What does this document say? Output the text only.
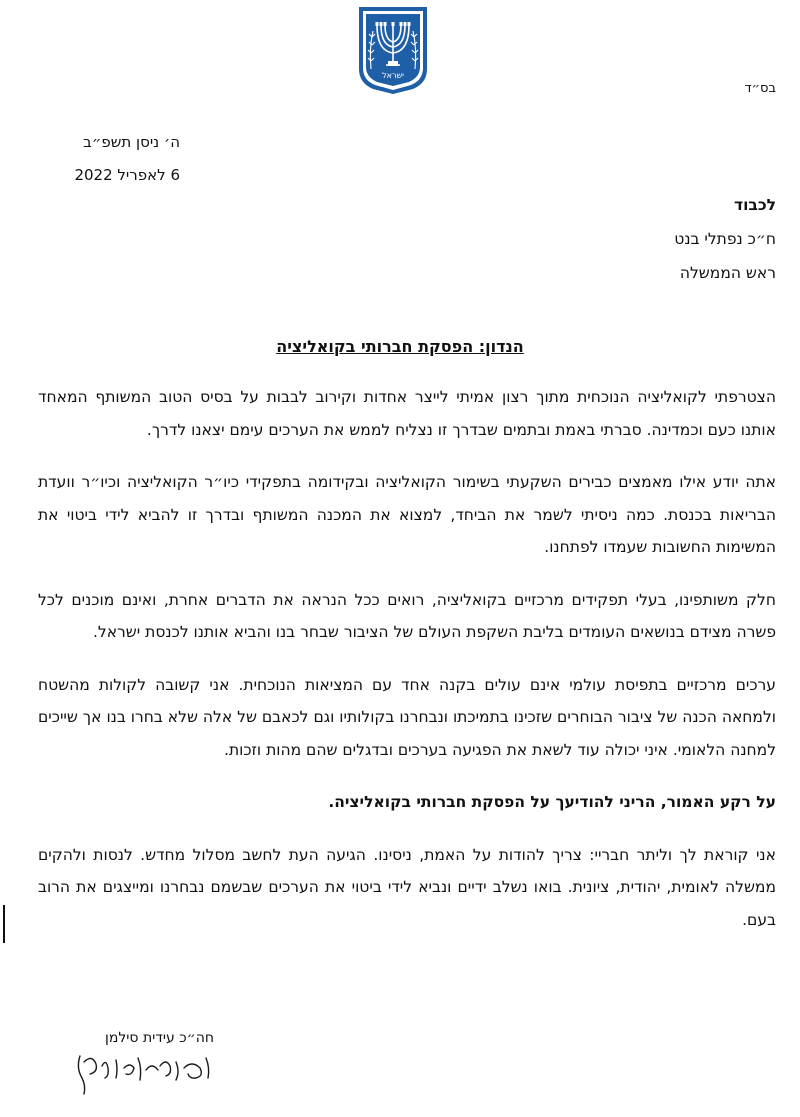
ישראל
בס״ד
ה׳ ניסן תשפ״ב
6 לאפריל 2022
לכבוד
ח״כ נפתלי בנט
ראש הממשלה
הנדון: הפסקת חברותי בקואליציה

הצטרפתי לקואליציה הנוכחית מתוך רצון אמיתי לייצר אחדות וקירוב לבבות על בסיס הטוב המשותף המאחד אותנו כעם וכמדינה. סברתי באמת ובתמים שבדרך זו נצליח לממש את הערכים עימם יצאנו לדרך.

אתה יודע אילו מאמצים כבירים השקעתי בשימור הקואליציה ובקידומה בתפקידי כיו״ר הקואליציה וכיו״ר וועדת הבריאות בכנסת. כמה ניסיתי לשמר את הביחד, למצוא את המכנה המשותף ובדרך זו להביא לידי ביטוי את המשימות החשובות שעמדו לפתחנו.

חלק משותפינו, בעלי תפקידים מרכזיים בקואליציה, רואים ככל הנראה את הדברים אחרת, ואינם מוכנים לכל פשרה מצידם בנושאים העומדים בליבת השקפת העולם של הציבור שבחר בנו והביא אותנו לכנסת ישראל.

ערכים מרכזיים בתפיסת עולמי אינם עולים בקנה אחד עם המציאות הנוכחית. אני קשובה לקולות מהשטח ולמחאה הכנה של ציבור הבוחרים שזכינו בתמיכתו ונבחרנו בקולותיו וגם לכאבם של אלה שלא בחרו בנו אך שייכים למחנה הלאומי. איני יכולה עוד לשאת את הפגיעה בערכים ובדגלים שהם מהות וזכות.

על רקע האמור, הריני להודיעך על הפסקת חברותי בקואליציה.

אני קוראת לך וליתר חבריי: צריך להודות על האמת, ניסינו. הגיעה העת לחשב מסלול מחדש. לנסות ולהקים ממשלה לאומית, יהודית, ציונית. בואו נשלב ידיים ונביא לידי ביטוי את הערכים שבשמם נבחרנו ומייצגים את הרוב בעם.

חה״כ עידית סילמן
